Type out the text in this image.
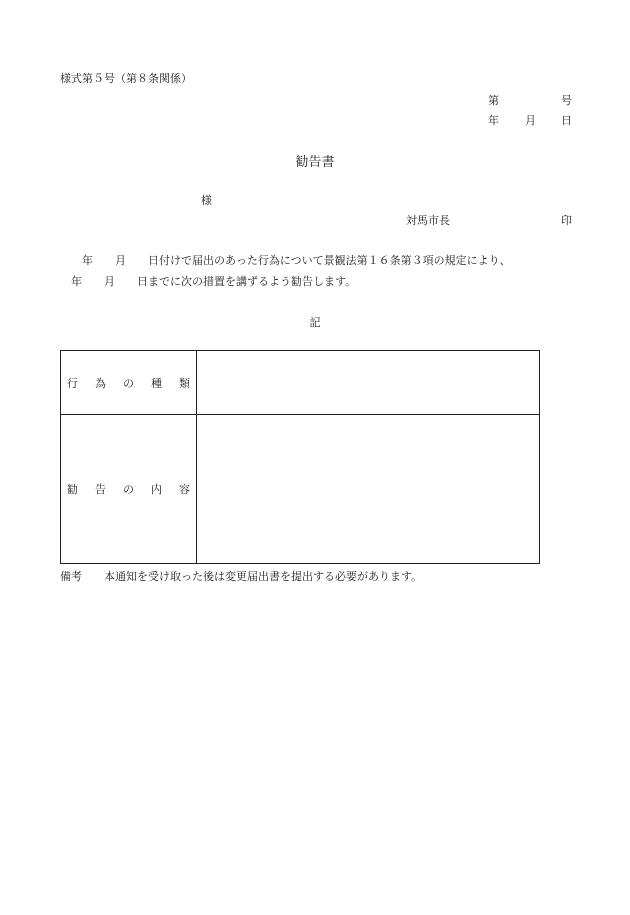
様式第５号（第８条関係）
第	号
年 月 日
勧告書
様
対馬市長	印
　　年　　月　　日付けで届出のあった行為について景観法第１６条第３項の規定により、
　年　　月　　日までに次の措置を講ずるよう勧告します。
記
行 為 の 種 類
勧 告 の 内 容
備考　　本通知を受け取った後は変更届出書を提出する必要があります。
